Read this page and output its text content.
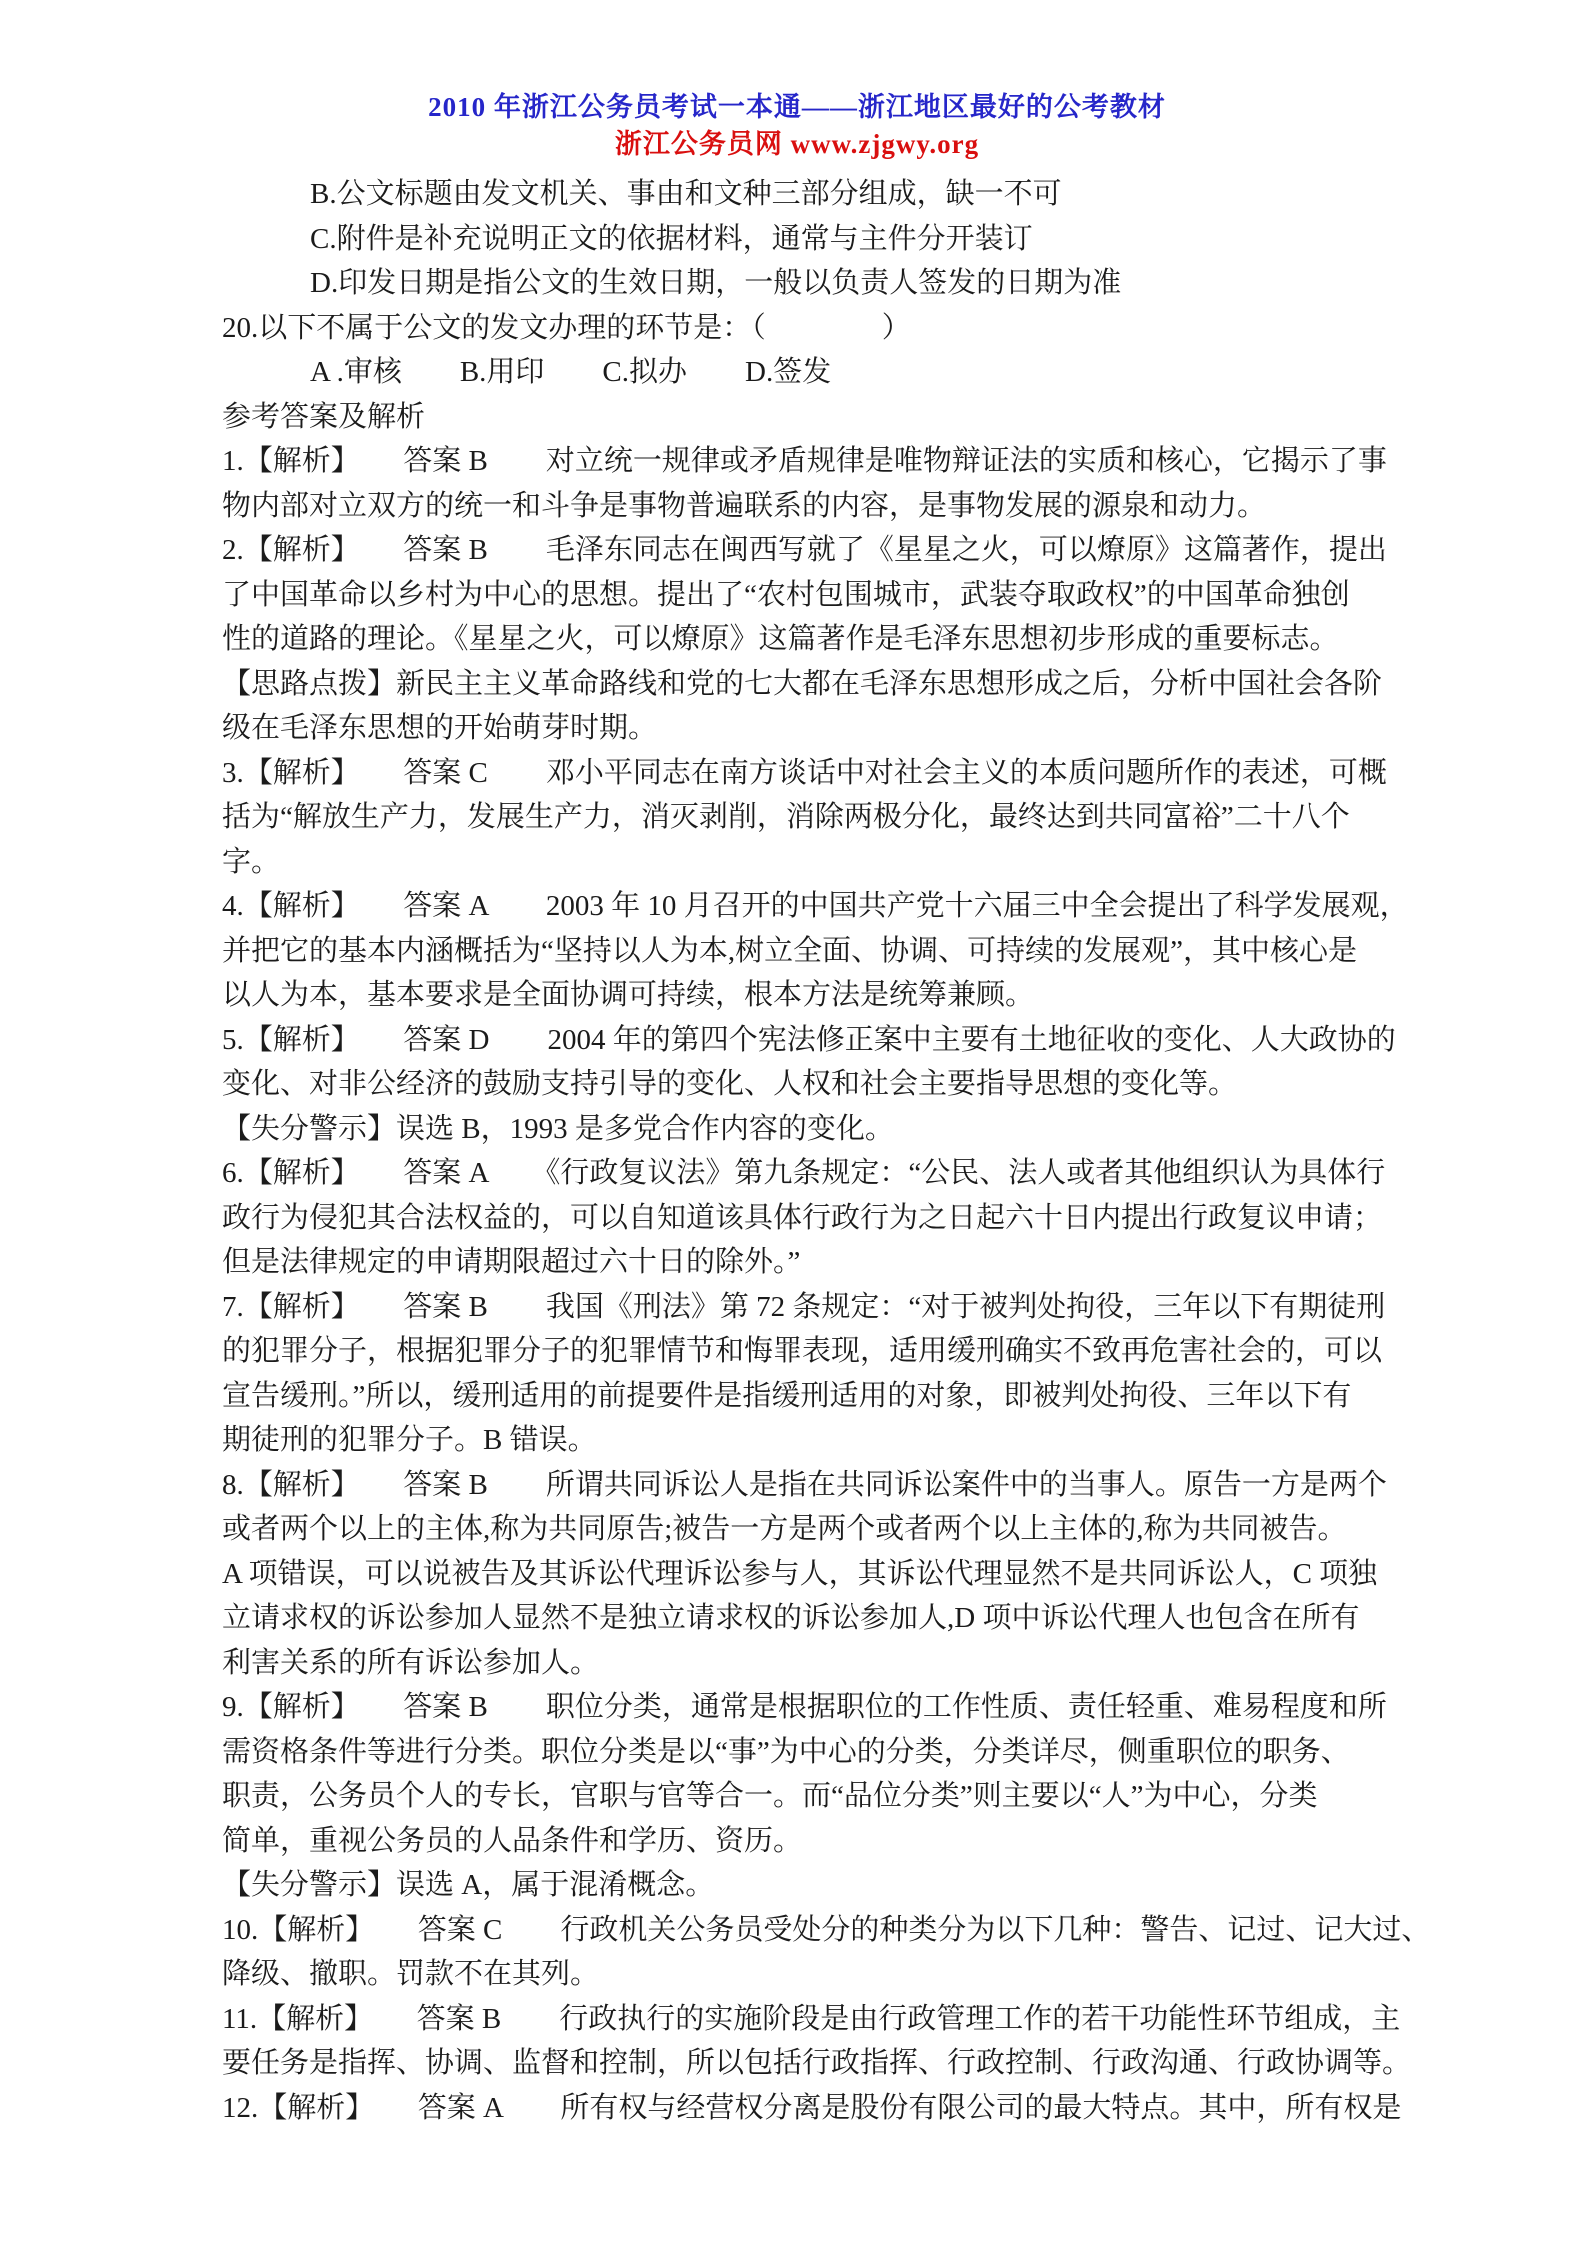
2010 年浙江公务员考试一本通——浙江地区最好的公考教材
浙江公务员网 www.zjgwy.org
B.公文标题由发文机关、事由和文种三部分组成，缺一不可
C.附件是补充说明正文的依据材料，通常与主件分开装订
D.印发日期是指公文的生效日期，一般以负责人签发的日期为准
20.以下不属于公文的发文办理的环节是：（　　　　）
A .审核　　B.用印　　C.拟办　　D.签发
参考答案及解析
1.【解析】　　答案 B　　对立统一规律或矛盾规律是唯物辩证法的实质和核心，它揭示了事
物内部对立双方的统一和斗争是事物普遍联系的内容，是事物发展的源泉和动力。
2.【解析】　　答案 B　　毛泽东同志在闽西写就了《星星之火，可以燎原》这篇著作，提出
了中国革命以乡村为中心的思想。提出了“农村包围城市，武装夺取政权”的中国革命独创
性的道路的理论。《星星之火，可以燎原》这篇著作是毛泽东思想初步形成的重要标志。
【思路点拨】新民主主义革命路线和党的七大都在毛泽东思想形成之后，分析中国社会各阶
级在毛泽东思想的开始萌芽时期。
3.【解析】　　答案 C　　邓小平同志在南方谈话中对社会主义的本质问题所作的表述，可概
括为“解放生产力，发展生产力，消灭剥削，消除两极分化，最终达到共同富裕”二十八个
字。
4.【解析】　　答案 A　　2003 年 10 月召开的中国共产党十六届三中全会提出了科学发展观，
并把它的基本内涵概括为“坚持以人为本,树立全面、协调、可持续的发展观”，其中核心是
以人为本，基本要求是全面协调可持续，根本方法是统筹兼顾。
5.【解析】　　答案 D　　2004 年的第四个宪法修正案中主要有土地征收的变化、人大政协的
变化、对非公经济的鼓励支持引导的变化、人权和社会主要指导思想的变化等。
【失分警示】误选 B，1993 是多党合作内容的变化。
6.【解析】　　答案 A　　《行政复议法》第九条规定：“公民、法人或者其他组织认为具体行
政行为侵犯其合法权益的，可以自知道该具体行政行为之日起六十日内提出行政复议申请；
但是法律规定的申请期限超过六十日的除外。”
7.【解析】　　答案 B　　我国《刑法》第 72 条规定：“对于被判处拘役，三年以下有期徒刑
的犯罪分子，根据犯罪分子的犯罪情节和悔罪表现，适用缓刑确实不致再危害社会的，可以
宣告缓刑。”所以，缓刑适用的前提要件是指缓刑适用的对象，即被判处拘役、三年以下有
期徒刑的犯罪分子。B 错误。
8.【解析】　　答案 B　　所谓共同诉讼人是指在共同诉讼案件中的当事人。原告一方是两个
或者两个以上的主体,称为共同原告;被告一方是两个或者两个以上主体的,称为共同被告。
A 项错误，可以说被告及其诉讼代理诉讼参与人，其诉讼代理显然不是共同诉讼人，C 项独
立请求权的诉讼参加人显然不是独立请求权的诉讼参加人,D 项中诉讼代理人也包含在所有
利害关系的所有诉讼参加人。
9.【解析】　　答案 B　　职位分类，通常是根据职位的工作性质、责任轻重、难易程度和所
需资格条件等进行分类。职位分类是以“事”为中心的分类，分类详尽，侧重职位的职务、
职责，公务员个人的专长，官职与官等合一。而“品位分类”则主要以“人”为中心，分类
简单，重视公务员的人品条件和学历、资历。
【失分警示】误选 A，属于混淆概念。
10.【解析】　　答案 C　　行政机关公务员受处分的种类分为以下几种：警告、记过、记大过、
降级、撤职。罚款不在其列。
11.【解析】　　答案 B　　行政执行的实施阶段是由行政管理工作的若干功能性环节组成，主
要任务是指挥、协调、监督和控制，所以包括行政指挥、行政控制、行政沟通、行政协调等。
12.【解析】　　答案 A　　所有权与经营权分离是股份有限公司的最大特点。其中，所有权是
